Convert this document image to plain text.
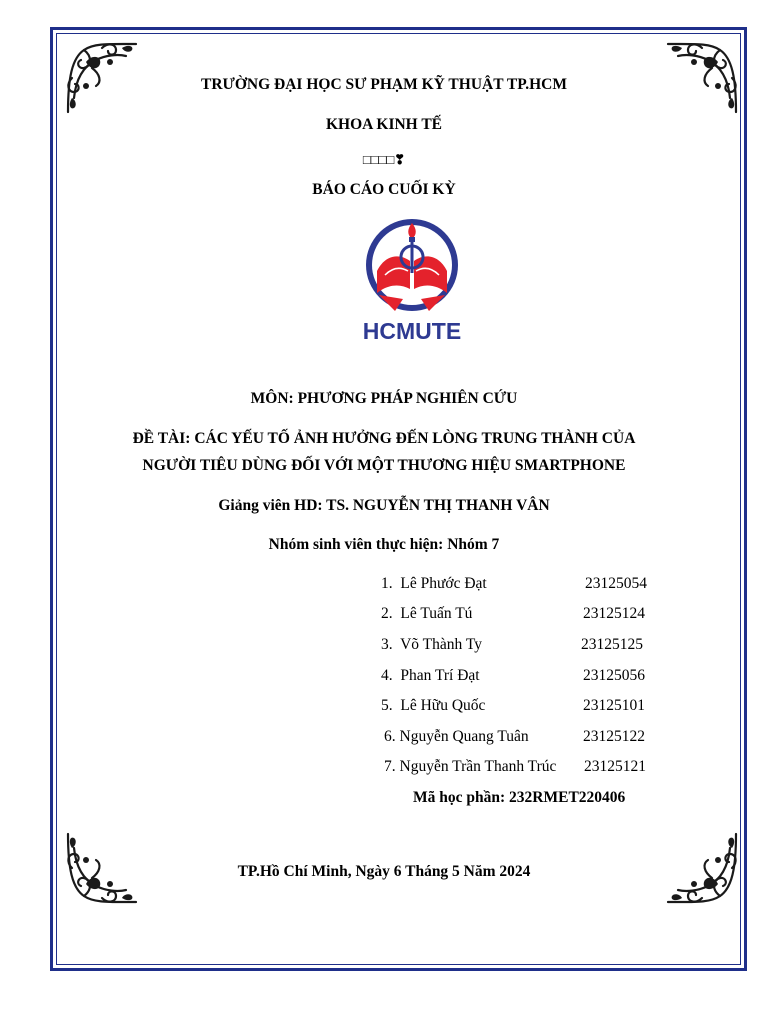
TRƯỜNG ĐẠI HỌC SƯ PHẠM KỸ THUẬT TP.HCM
KHOA KINH TẾ
□□□□❣
BÁO CÁO CUỐI KỲ
HCMUTE
MÔN: PHƯƠNG PHÁP NGHIÊN CỨU
ĐỀ TÀI: CÁC YẾU TỐ ẢNH HƯỞNG ĐẾN LÒNG TRUNG THÀNH CỦA
NGƯỜI TIÊU DÙNG ĐỐI VỚI MỘT THƯƠNG HIỆU SMARTPHONE
Giảng viên HD: TS. NGUYỄN THỊ THANH VÂN
Nhóm sinh viên thực hiện: Nhóm 7
1.  Lê Phước Đạt	23125054
2.  Lê Tuấn Tú	23125124
3.  Võ Thành Ty	23125125
4.  Phan Trí Đạt	23125056
5.  Lê Hữu Quốc	23125101
6. Nguyễn Quang Tuân	23125122
7. Nguyễn Trần Thanh Trúc 23125121
Mã học phần: 232RMET220406
TP.Hồ Chí Minh, Ngày 6 Tháng 5 Năm 2024
